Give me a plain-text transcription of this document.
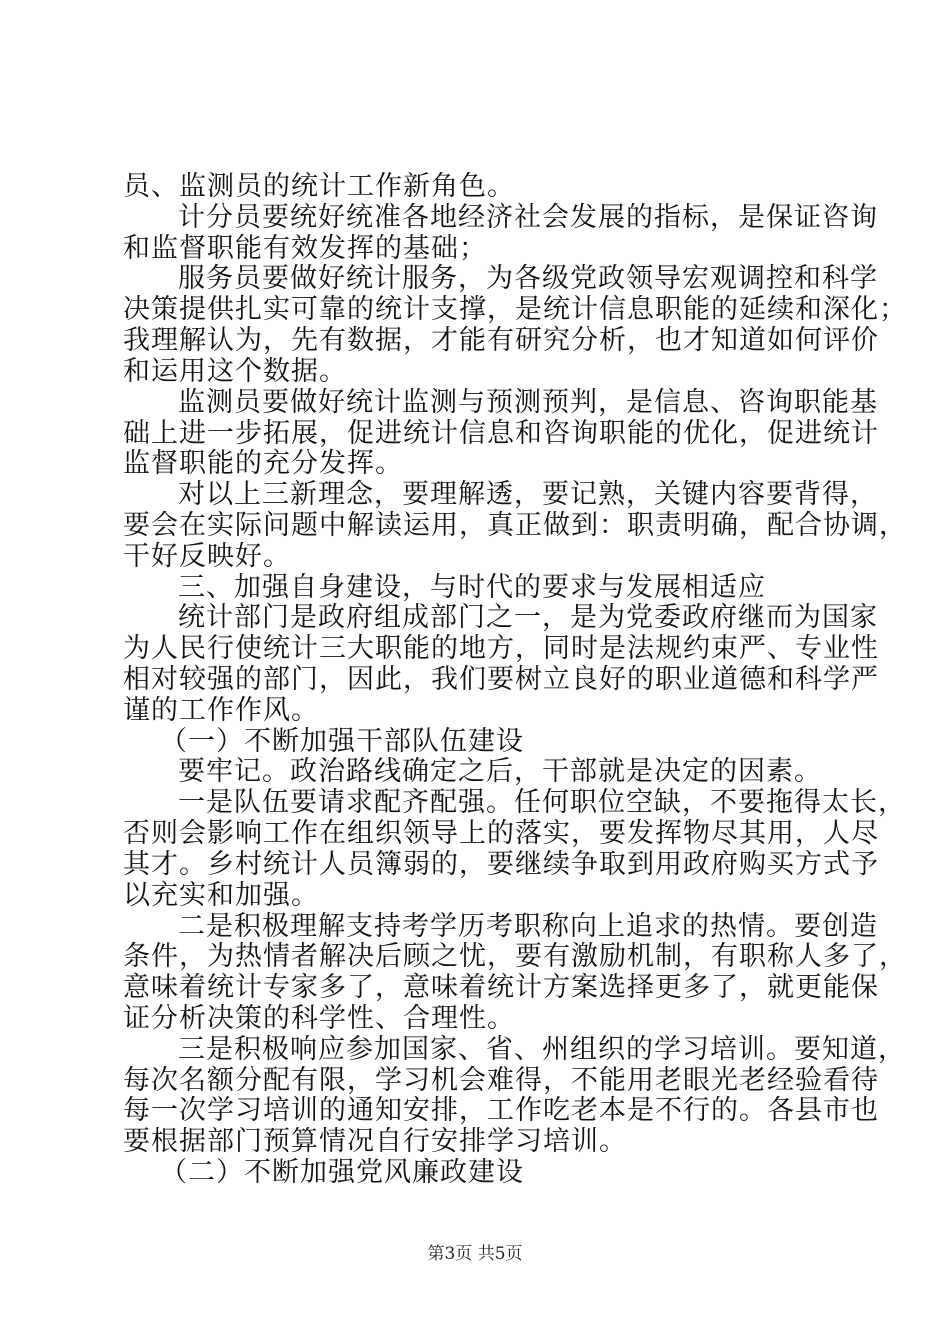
员、监测员的统计工作新角色。
计分员要统好统准各地经济社会发展的指标，是保证咨询
和监督职能有效发挥的基础；
服务员要做好统计服务，为各级党政领导宏观调控和科学
决策提供扎实可靠的统计支撑，是统计信息职能的延续和深化；
我理解认为，先有数据，才能有研究分析，也才知道如何评价
和运用这个数据。
监测员要做好统计监测与预测预判，是信息、咨询职能基
础上进一步拓展，促进统计信息和咨询职能的优化，促进统计
监督职能的充分发挥。
对以上三新理念，要理解透，要记熟，关键内容要背得，
要会在实际问题中解读运用，真正做到：职责明确，配合协调，
干好反映好。
三、加强自身建设，与时代的要求与发展相适应
统计部门是政府组成部门之一，是为党委政府继而为国家
为人民行使统计三大职能的地方，同时是法规约束严、专业性
相对较强的部门，因此，我们要树立良好的职业道德和科学严
谨的工作作风。
（一）不断加强干部队伍建设
要牢记。政治路线确定之后，干部就是决定的因素。
一是队伍要请求配齐配强。任何职位空缺，不要拖得太长，
否则会影响工作在组织领导上的落实，要发挥物尽其用，人尽
其才。乡村统计人员簿弱的，要继续争取到用政府购买方式予
以充实和加强。
二是积极理解支持考学历考职称向上追求的热情。要创造
条件，为热情者解决后顾之忧，要有激励机制，有职称人多了，
意味着统计专家多了，意味着统计方案选择更多了，就更能保
证分析决策的科学性、合理性。
三是积极响应参加国家、省、州组织的学习培训。要知道，
每次名额分配有限，学习机会难得，不能用老眼光老经验看待
每一次学习培训的通知安排，工作吃老本是不行的。各县市也
要根据部门预算情况自行安排学习培训。
（二）不断加强党风廉政建设
第3页 共5页
